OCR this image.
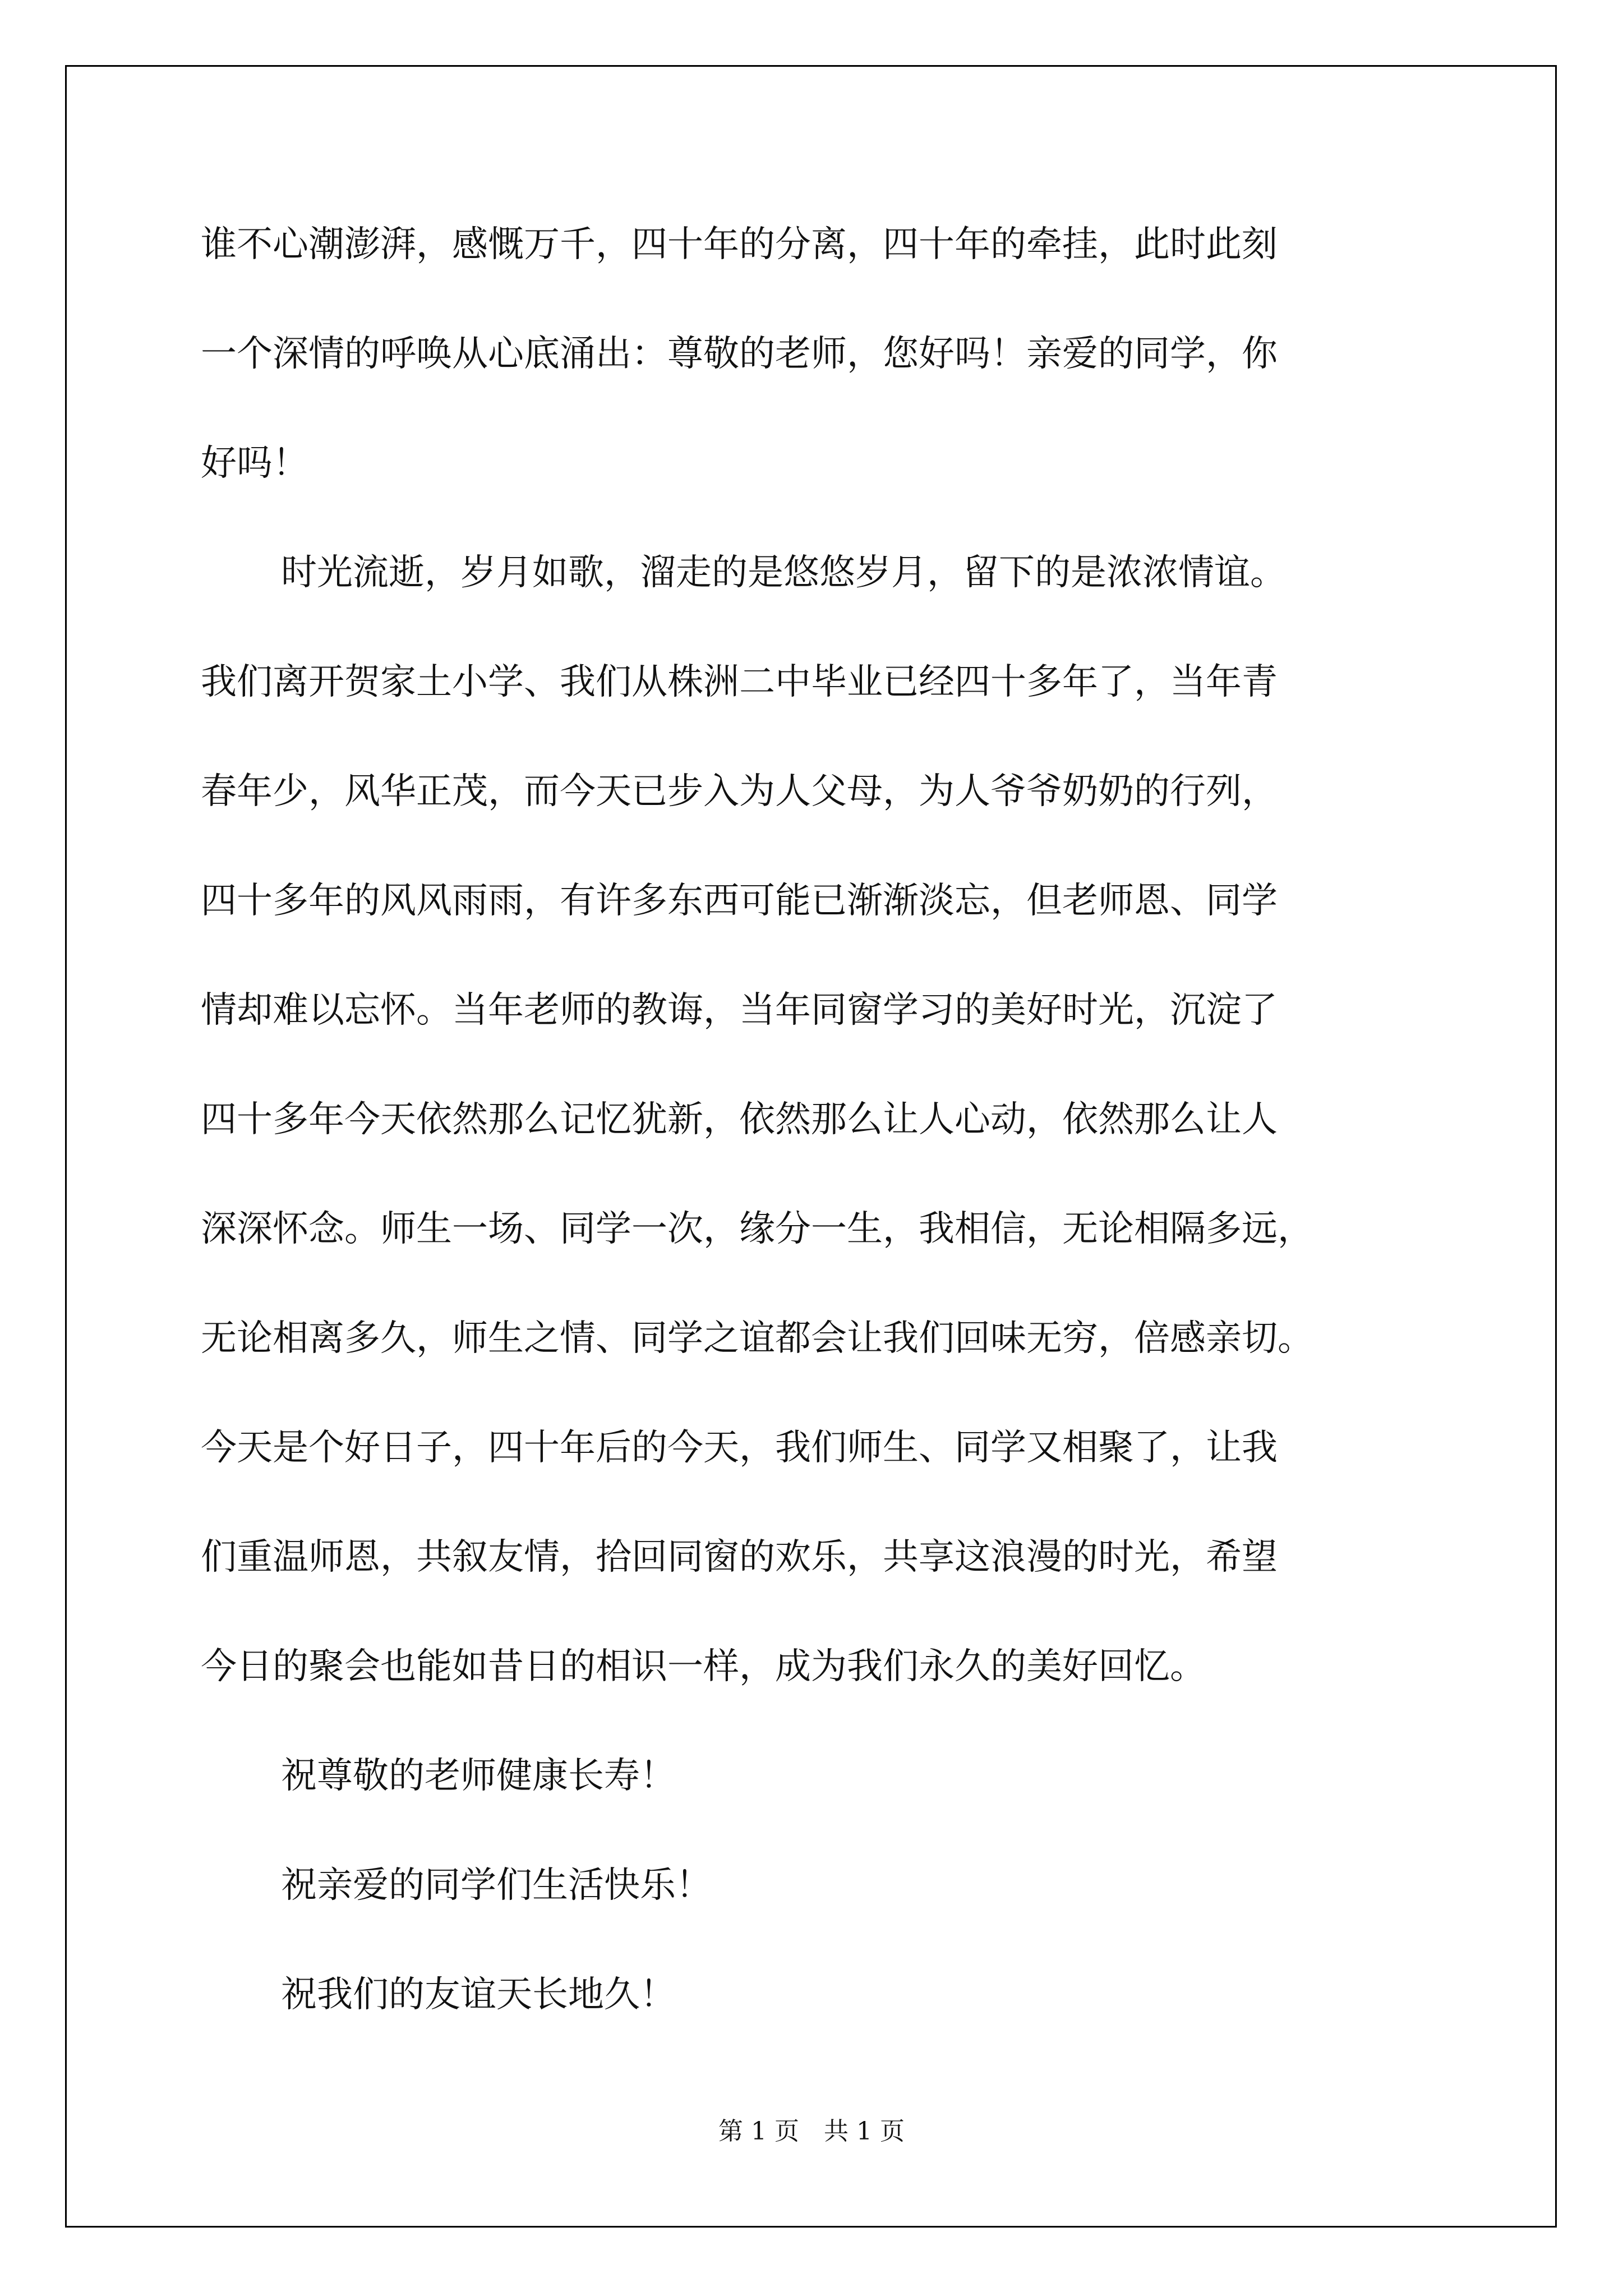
谁不心潮澎湃，感慨万千，四十年的分离，四十年的牵挂，此时此刻
一个深情的呼唤从心底涌出：尊敬的老师，您好吗！亲爱的同学，你
好吗！
时光流逝，岁月如歌，溜走的是悠悠岁月，留下的是浓浓情谊。
我们离开贺家土小学、我们从株洲二中毕业已经四十多年了，当年青
春年少，风华正茂，而今天已步入为人父母，为人爷爷奶奶的行列，
四十多年的风风雨雨，有许多东西可能已渐渐淡忘，但老师恩、同学
情却难以忘怀。当年老师的教诲，当年同窗学习的美好时光，沉淀了
四十多年今天依然那么记忆犹新，依然那么让人心动，依然那么让人
深深怀念。师生一场、同学一次，缘分一生，我相信，无论相隔多远，
无论相离多久，师生之情、同学之谊都会让我们回味无穷，倍感亲切。
今天是个好日子，四十年后的今天，我们师生、同学又相聚了，让我
们重温师恩，共叙友情，拾回同窗的欢乐，共享这浪漫的时光，希望
今日的聚会也能如昔日的相识一样，成为我们永久的美好回忆。
祝尊敬的老师健康长寿！
祝亲爱的同学们生活快乐！
祝我们的友谊天长地久！
第 1 页　共 1 页
